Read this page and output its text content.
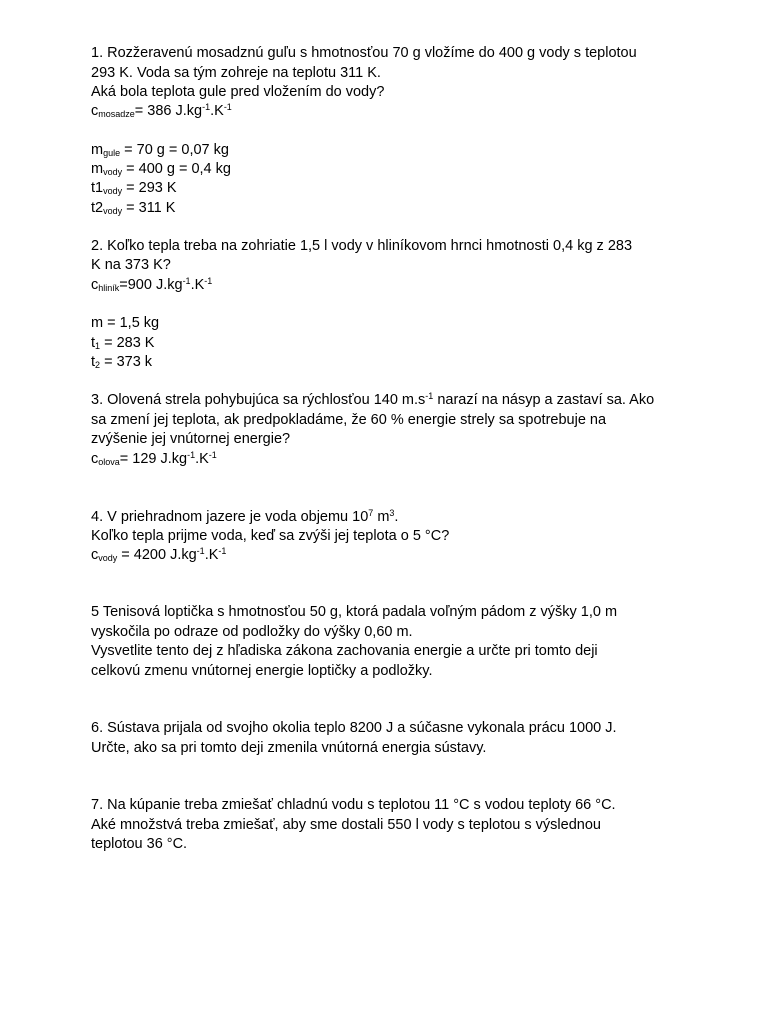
1. Rozžeravenú mosadznú guľu s hmotnosťou 70 g vložíme do 400 g vody s teplotou
293 K. Voda sa tým zohreje na teplotu 311 K.
Aká bola teplota gule pred vložením do vody?
$c_{mosadze}= 386$ $J.kg^{-1}.K^{-1}$
$m_{gule} = 70$ g = 0,07 kg
$m_{vody} = 400$ g = 0,4 kg
$t1_{vody} = 293$ K
$t2_{vody} = 311$ K
2. Koľko tepla treba na zohriatie 1,5 l vody v hliníkovom hrnci hmotnosti 0,4 kg z 283
K na 373 K?
$c_{hliník}=900$ $J.kg^{-1}.K^{-1}$
m = 1,5 kg
$t_1 = 283$ K
$t_2 = 373$ k
3. Olovená strela pohybujúca sa rýchlosťou 140 $m.s^{-1}$ narazí na násyp a zastaví sa. Ako
sa zmení jej teplota, ak predpokladáme, že 60 % energie strely sa spotrebuje na
zvýšenie jej vnútornej energie?
$c_{olova}= 129$ $J.kg^{-1}.K^{-1}$
4. V priehradnom jazere je voda objemu $10^7$ $m^3$.
Koľko tepla prijme voda, keď sa zvýši jej teplota o 5 °C?
$c_{vody} = 4200$ $J.kg^{-1}.K^{-1}$
5 Tenisová loptička s hmotnosťou 50 g, ktorá padala voľným pádom z výšky 1,0 m
vyskočila po odraze od podložky do výšky 0,60 m.
Vysvetlite tento dej z hľadiska zákona zachovania energie a určte pri tomto deji
celkovú zmenu vnútornej energie loptičky a podložky.
6. Sústava prijala od svojho okolia teplo 8200 J a súčasne vykonala prácu 1000 J.
Určte, ako sa pri tomto deji zmenila vnútorná energia sústavy.
7. Na kúpanie treba zmiešať chladnú vodu s teplotou 11 °C s vodou teploty 66 °C.
Aké množstvá treba zmiešať, aby sme dostali 550 l vody s teplotou s výslednou
teplotou 36 °C.
